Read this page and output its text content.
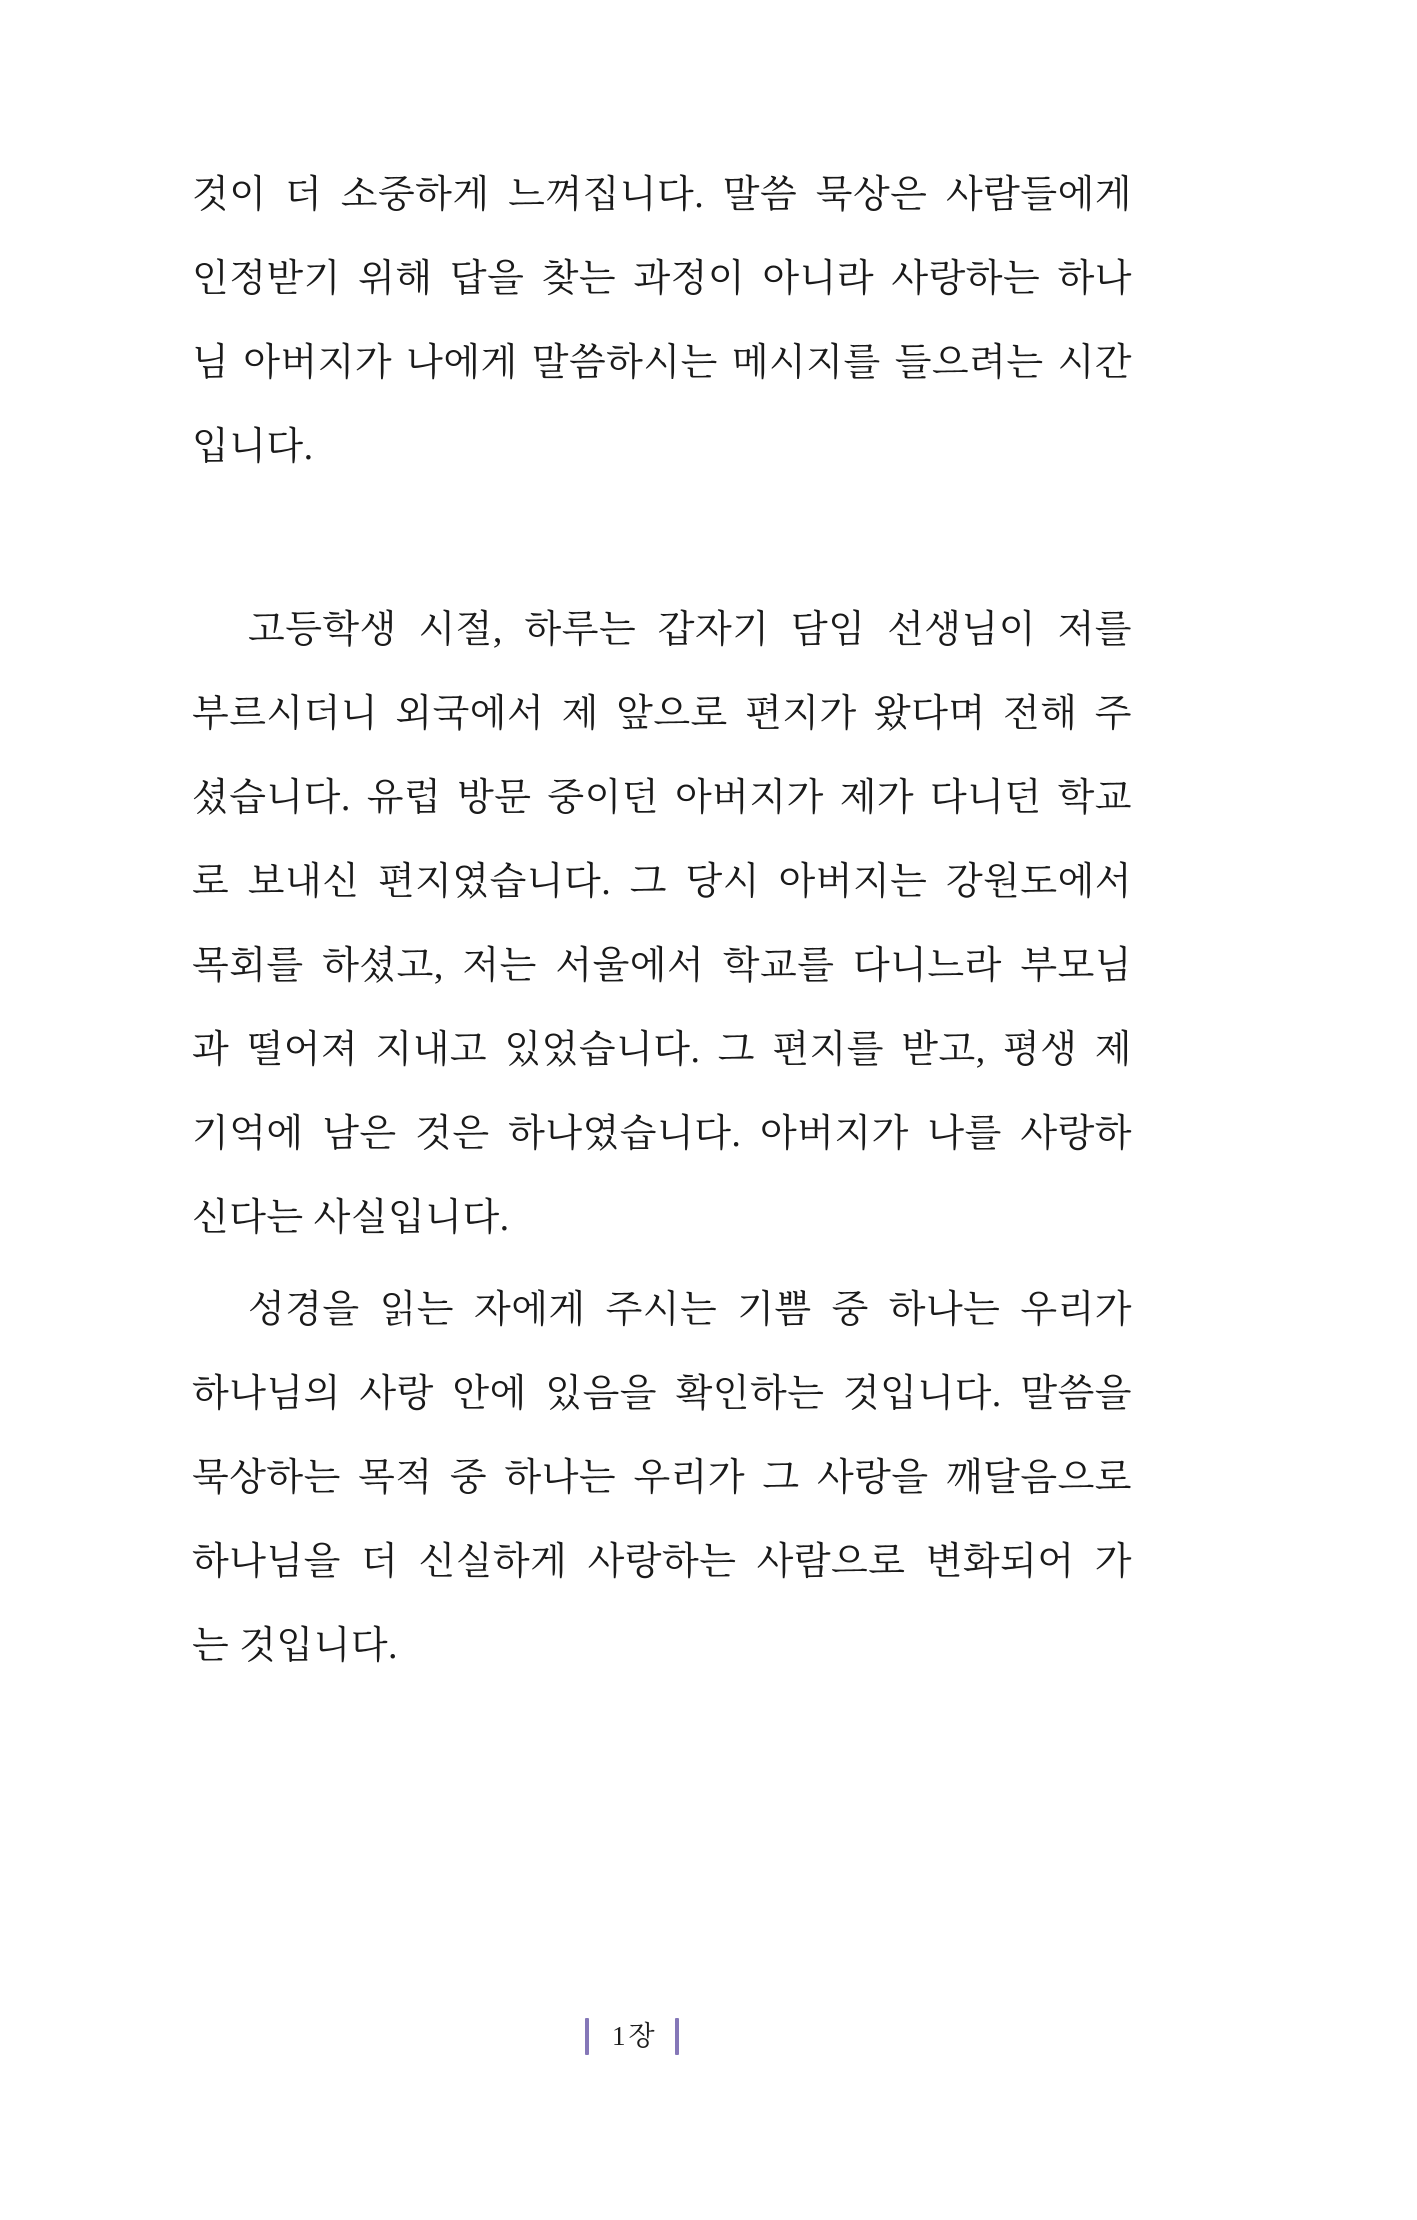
것이 더 소중하게 느껴집니다. 말씀 묵상은 사람들에게
인정받기 위해 답을 찾는 과정이 아니라 사랑하는 하나
님 아버지가 나에게 말씀하시는 메시지를 들으려는 시간
입니다.
고등학생 시절, 하루는 갑자기 담임 선생님이 저를
부르시더니 외국에서 제 앞으로 편지가 왔다며 전해 주
셨습니다. 유럽 방문 중이던 아버지가 제가 다니던 학교
로 보내신 편지였습니다. 그 당시 아버지는 강원도에서
목회를 하셨고, 저는 서울에서 학교를 다니느라 부모님
과 떨어져 지내고 있었습니다. 그 편지를 받고, 평생 제
기억에 남은 것은 하나였습니다. 아버지가 나를 사랑하
신다는 사실입니다.
성경을 읽는 자에게 주시는 기쁨 중 하나는 우리가
하나님의 사랑 안에 있음을 확인하는 것입니다. 말씀을
묵상하는 목적 중 하나는 우리가 그 사랑을 깨달음으로
하나님을 더 신실하게 사랑하는 사람으로 변화되어 가
는 것입니다.
1장
